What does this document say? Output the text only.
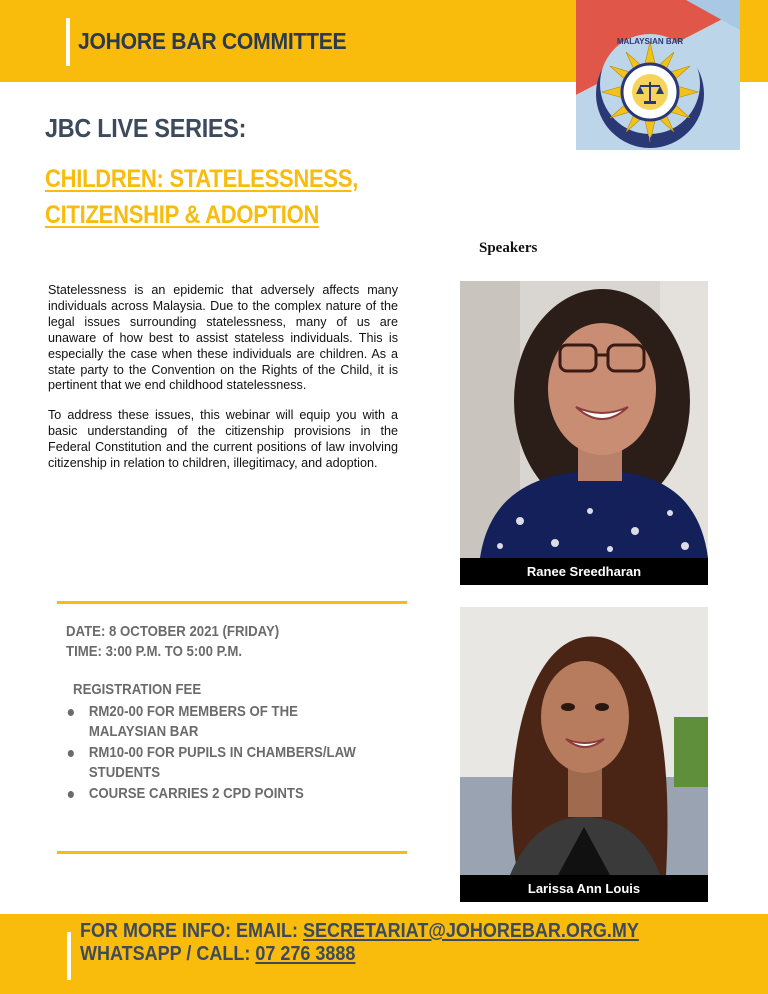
JOHORE BAR COMMITTEE	MALAYSIAN BAR
JOHORE
JBC LIVE SERIES:
CHILDREN: STATELESSNESS,
CITIZENSHIP & ADOPTION
Speakers

Statelessness is an epidemic that adversely affects many individuals across Malaysia. Due to the complex nature of the legal issues surrounding statelessness, many of us are unaware of how best to assist stateless individuals. This is especially the case when these individuals are children. As a state party to the Convention on the Rights of the Child, it is pertinent that we end childhood statelessness.

To address these issues, this webinar will equip you with a basic understanding of the citizenship provisions in the Federal Constitution and the current positions of law involving citizenship in relation to children, illegitimacy, and adoption.

DATE: 8 OCTOBER 2021 (FRIDAY)
TIME: 3:00 P.M. TO 5:00 P.M.
REGISTRATION FEE
RM20-00 FOR MEMBERS OF THE MALAYSIAN BAR
RM10-00 FOR PUPILS IN CHAMBERS/LAW STUDENTS
COURSE CARRIES 2 CPD POINTS
Ranee Sreedharan
Larissa Ann Louis
FOR MORE INFO: EMAIL: SECRETARIAT@JOHOREBAR.ORG.MY
WHATSAPP / CALL: 07 276 3888
